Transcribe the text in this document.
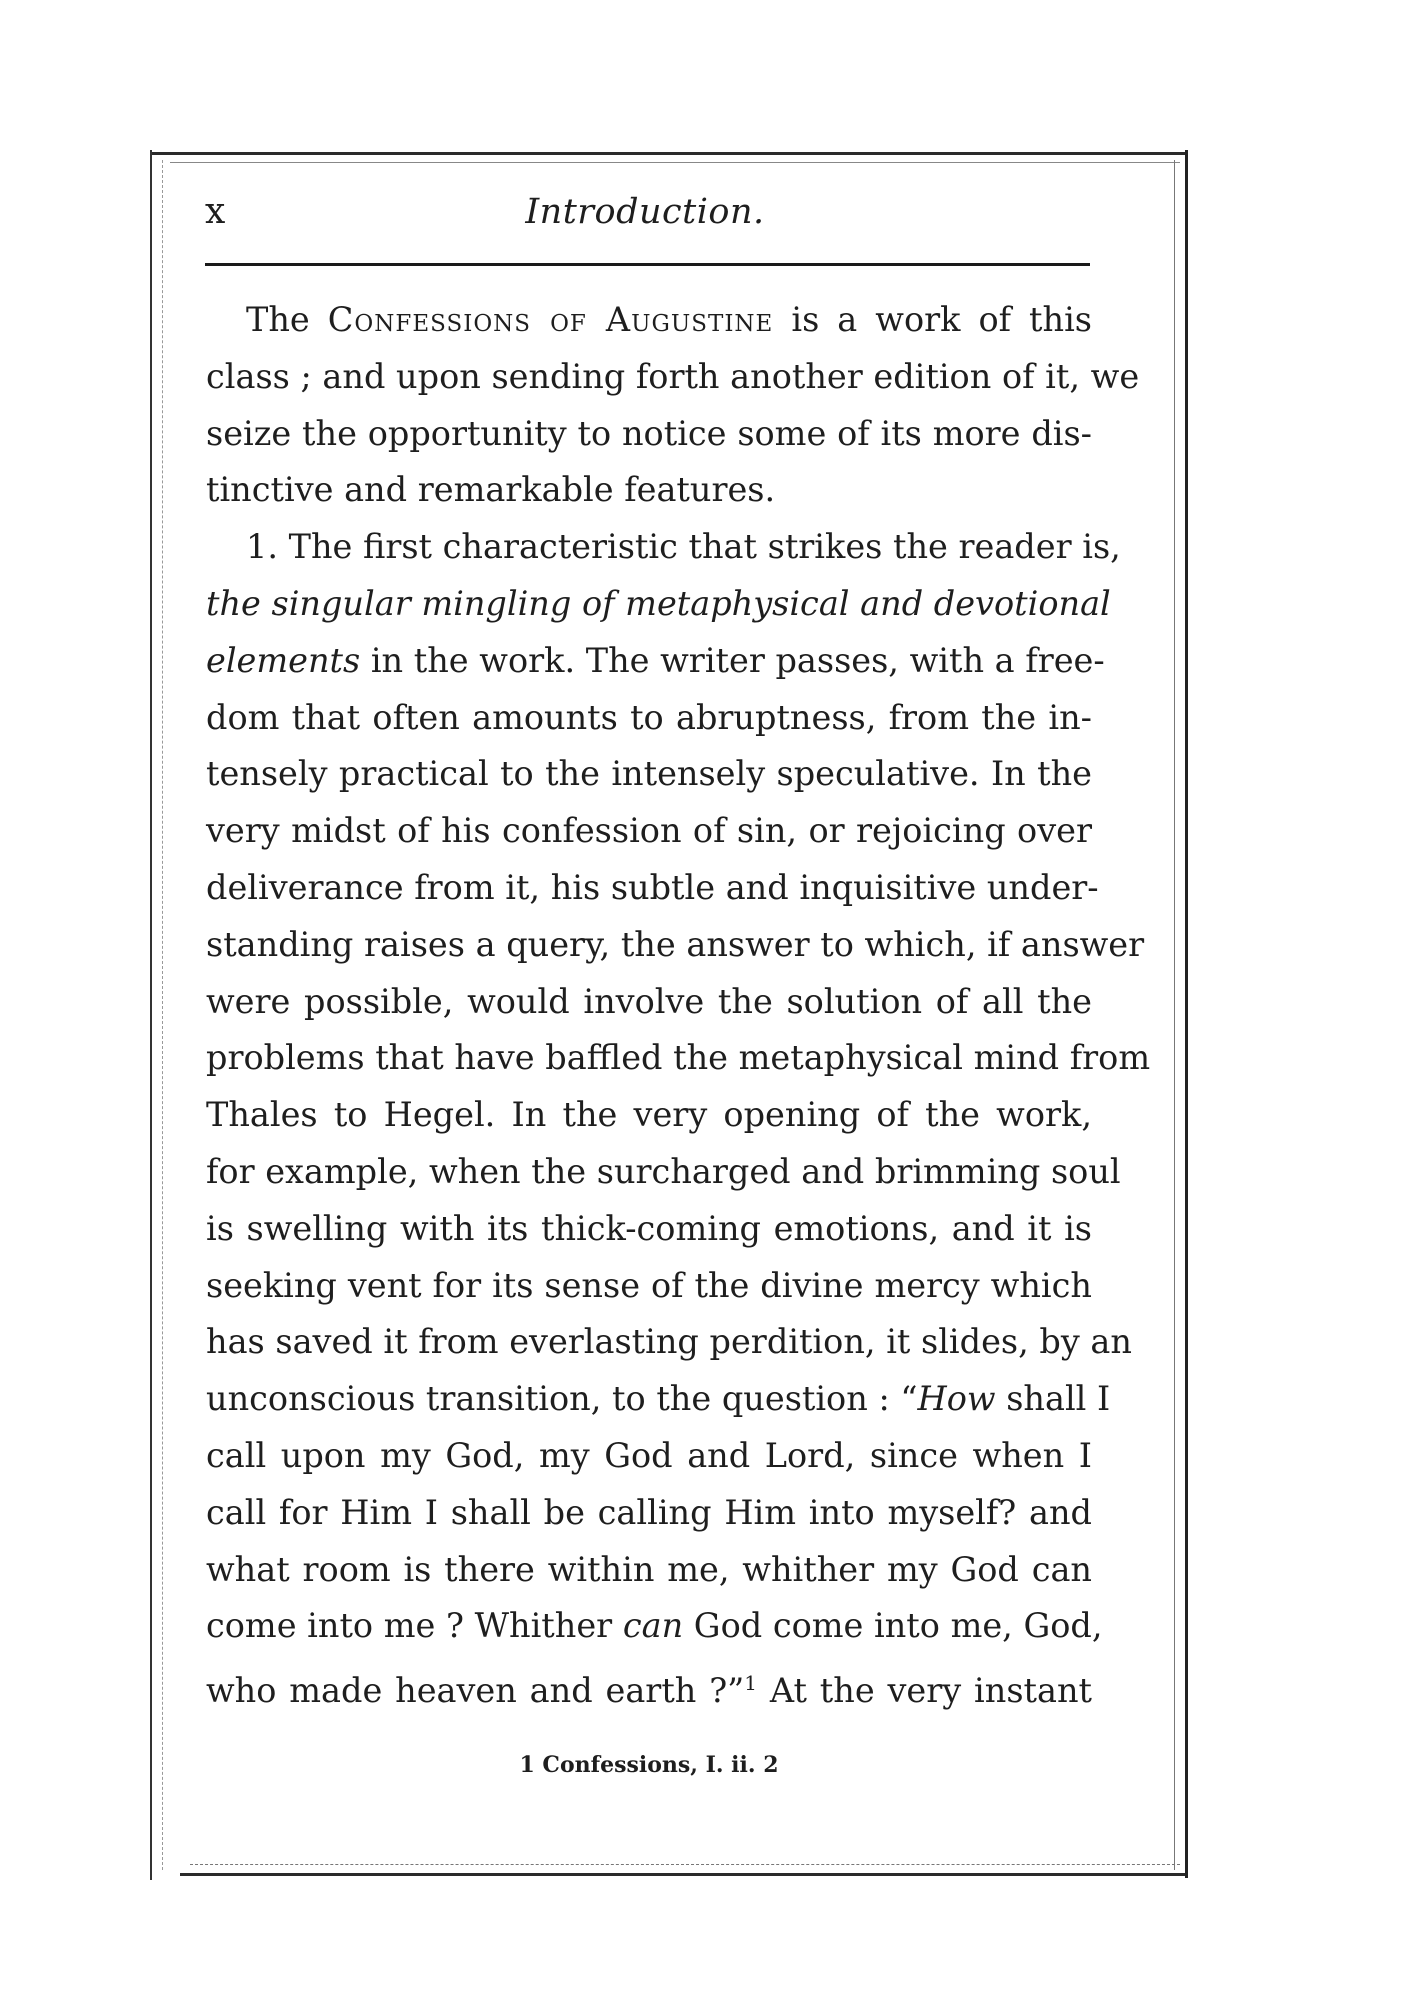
Introduction.
x
The Confessions of Augustine is a work of this
class ; and upon sending forth another edition of it, we
seize the opportunity to notice some of its more dis-
tinctive and remarkable features.
1. The first characteristic that strikes the reader is,
the singular mingling of metaphysical and devotional
elements in the work. The writer passes, with a free-
dom that often amounts to abruptness, from the in-
tensely practical to the intensely speculative. In the
very midst of his confession of sin, or rejoicing over
deliverance from it, his subtle and inquisitive under-
standing raises a query, the answer to which, if answer
were possible, would involve the solution of all the
problems that have baffled the metaphysical mind from
Thales to Hegel. In the very opening of the work,
for example, when the surcharged and brimming soul
is swelling with its thick-coming emotions, and it is
seeking vent for its sense of the divine mercy which
has saved it from everlasting perdition, it slides, by an
unconscious transition, to the question : “How shall I
call upon my God, my God and Lord, since when I
call for Him I shall be calling Him into myself? and
what room is there within me, whither my God can
come into me ? Whither can God come into me, God,
who made heaven and earth ?”$^1$ At the very instant
1 Confessions, I. ii. 2
